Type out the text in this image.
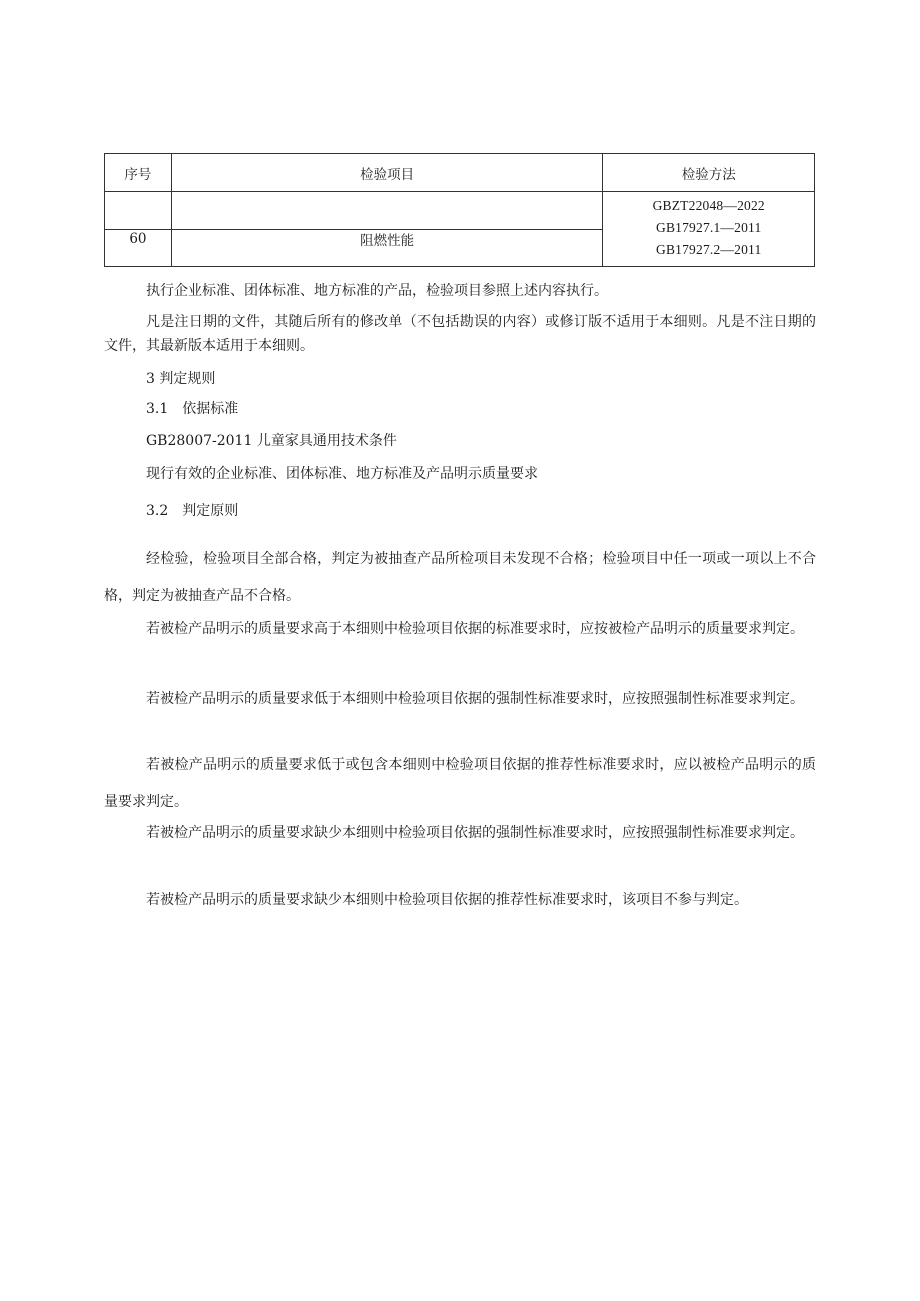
序号	检验项目	检验方法

60	阻燃性能	GBZT22048—2022
GB17927.1—2011
GB17927.2—2011

执行企业标准、团体标准、地方标准的产品，检验项目参照上述内容执行。

凡是注日期的文件，其随后所有的修改单（不包括勘误的内容）或修订版不适用于本细则。凡是不注日期的文件，其最新版本适用于本细则。

3 判定规则

3.1　依据标准

GB28007-2011 儿童家具通用技术条件

现行有效的企业标准、团体标准、地方标准及产品明示质量要求

3.2　判定原则

经检验，检验项目全部合格，判定为被抽查产品所检项目未发现不合格；检验项目中任一项或一项以上不合格，判定为被抽查产品不合格。

若被检产品明示的质量要求高于本细则中检验项目依据的标准要求时，应按被检产品明示的质量要求判定。

若被检产品明示的质量要求低于本细则中检验项目依据的强制性标准要求时，应按照强制性标准要求判定。

若被检产品明示的质量要求低于或包含本细则中检验项目依据的推荐性标准要求时，应以被检产品明示的质量要求判定。

若被检产品明示的质量要求缺少本细则中检验项目依据的强制性标准要求时，应按照强制性标准要求判定。

若被检产品明示的质量要求缺少本细则中检验项目依据的推荐性标准要求时，该项目不参与判定。
